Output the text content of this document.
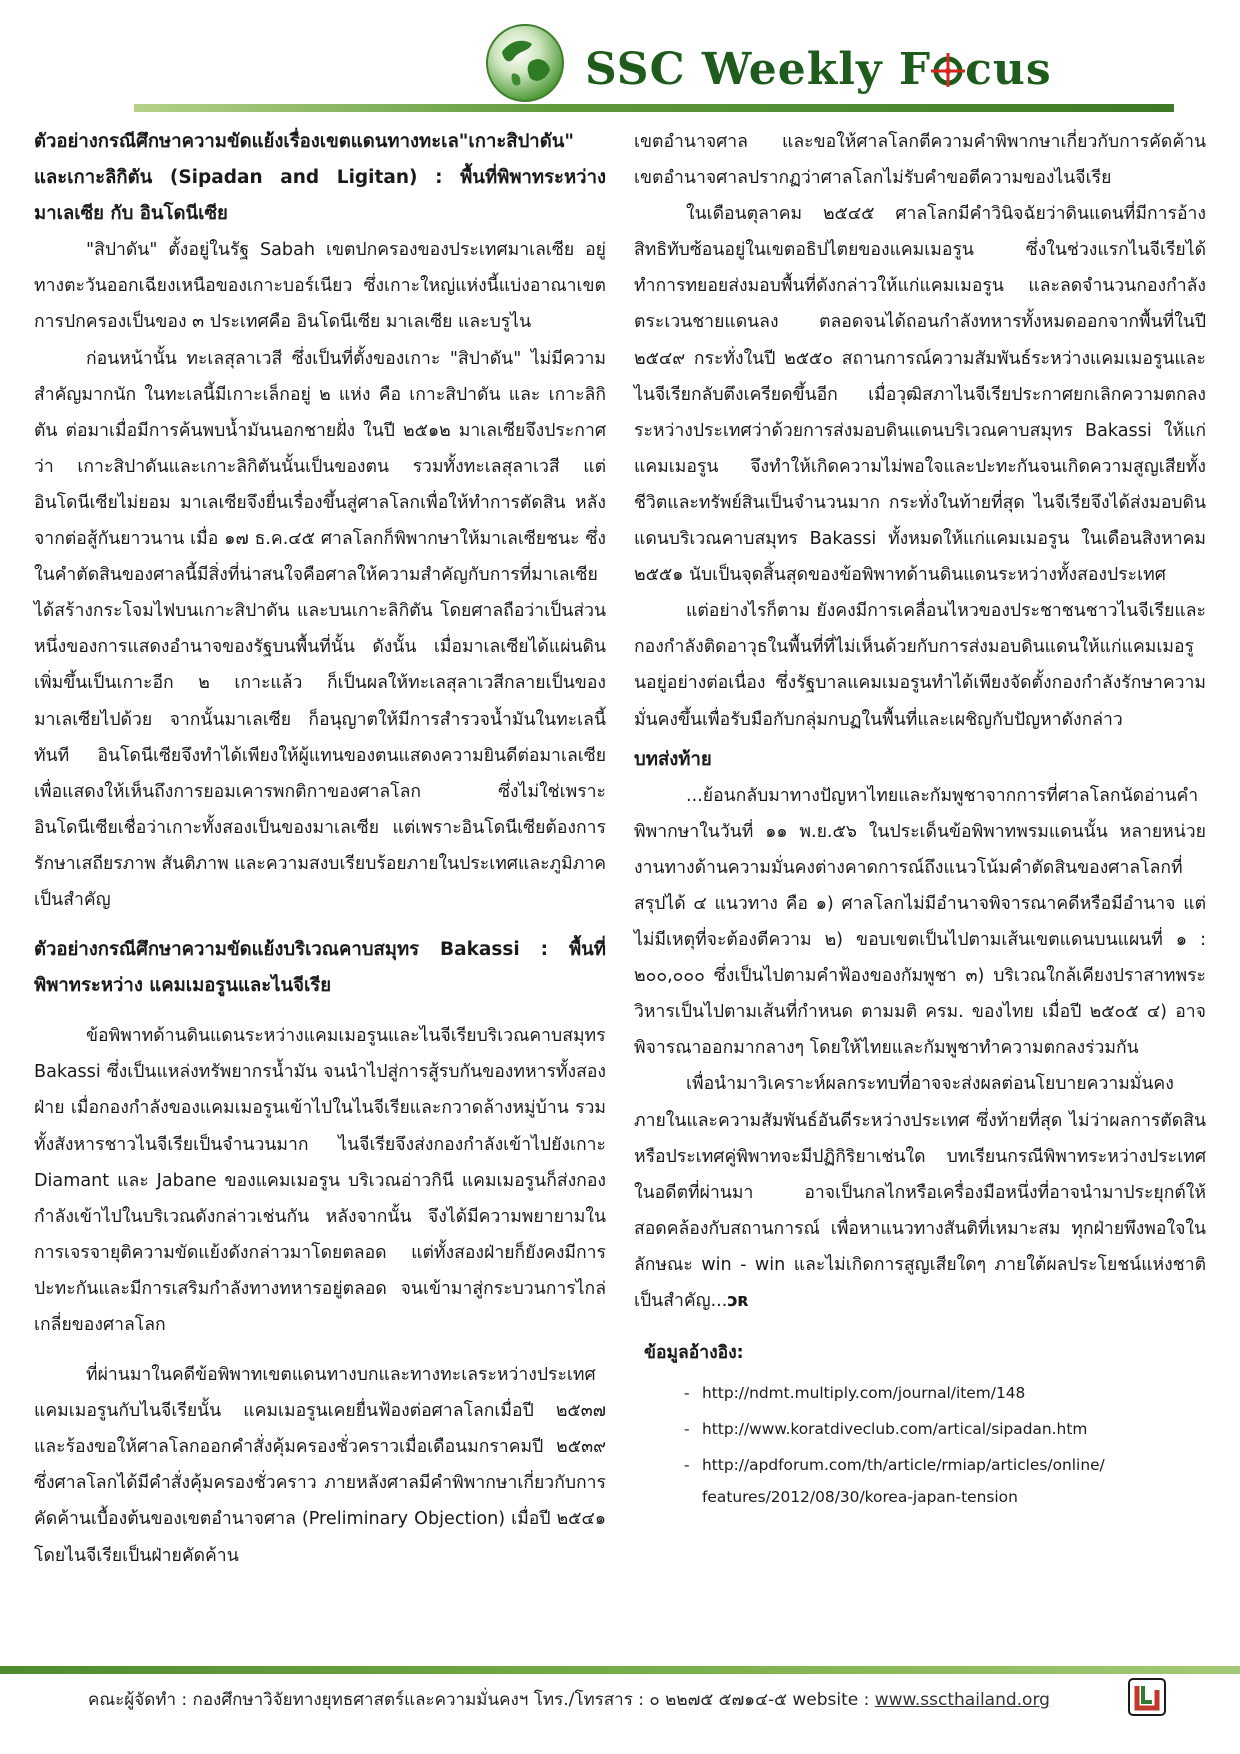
SSC Weekly F cus
ตัวอย่างกรณีศึกษาความขัดแย้งเรื่องเขตแดนทางทะเล"เกาะสิปาดัน" และเกาะลิกิตัน (Sipadan and Ligitan) : พื้นที่พิพาทระหว่าง มาเลเซีย กับ อินโดนีเซีย

"สิปาดัน" ตั้งอยู่ในรัฐ Sabah เขตปกครองของประเทศมาเลเซีย อยู่ทางตะวันออกเฉียงเหนือของเกาะบอร์เนียว ซึ่งเกาะใหญ่แห่งนี้แบ่งอาณาเขตการปกครองเป็นของ ๓ ประเทศคือ อินโดนีเซีย มาเลเซีย และบรูไน

ก่อนหน้านั้น ทะเลสุลาเวสี ซึ่งเป็นที่ตั้งของเกาะ "สิปาดัน" ไม่มีความสำคัญมากนัก ในทะเลนี้มีเกาะเล็กอยู่ ๒ แห่ง คือ เกาะสิปาดัน และ เกาะลิกิตัน ต่อมาเมื่อมีการค้นพบน้ำมันนอกชายฝั่ง ในปี ๒๕๑๒ มาเลเซียจึงประกาศว่า เกาะสิปาดันและเกาะลิกิตันนั้นเป็นของตน รวมทั้งทะเลสุลาเวสี แต่อินโดนีเซียไม่ยอม มาเลเซียจึงยื่นเรื่องขึ้นสู่ศาลโลกเพื่อให้ทำการตัดสิน หลังจากต่อสู้กันยาวนาน เมื่อ ๑๗ ธ.ค.๔๕ ศาลโลกก็พิพากษาให้มาเลเซียชนะ ซึ่งในคำตัดสินของศาลนี้มีสิ่งที่น่าสนใจคือศาลให้ความสำคัญกับการที่มาเลเซียได้สร้างกระโจมไฟบนเกาะสิปาดัน และบนเกาะลิกิตัน โดยศาลถือว่าเป็นส่วนหนึ่งของการแสดงอำนาจของรัฐบนพื้นที่นั้น ดังนั้น เมื่อมาเลเซียได้แผ่นดินเพิ่มขึ้นเป็นเกาะอีก ๒ เกาะแล้ว ก็เป็นผลให้ทะเลสุลาเวสีกลายเป็นของมาเลเซียไปด้วย จากนั้นมาเลเซีย ก็อนุญาตให้มีการสำรวจน้ำมันในทะเลนี้ทันที อินโดนีเซียจึงทำได้เพียงให้ผู้แทนของตนแสดงความยินดีต่อมาเลเซีย เพื่อแสดงให้เห็นถึงการยอมเคารพกติกาของศาลโลก ซึ่งไม่ใช่เพราะอินโดนีเซียเชื่อว่าเกาะทั้งสองเป็นของมาเลเซีย แต่เพราะอินโดนีเซียต้องการรักษาเสถียรภาพ สันติภาพ และความสงบเรียบร้อยภายในประเทศและภูมิภาคเป็นสำคัญ

ตัวอย่างกรณีศึกษาความขัดแย้งบริเวณคาบสมุทร Bakassi : พื้นที่พิพาทระหว่าง แคมเมอรูนและไนจีเรีย

ข้อพิพาทด้านดินแดนระหว่างแคมเมอรูนและไนจีเรียบริเวณคาบสมุทร Bakassi ซึ่งเป็นแหล่งทรัพยากรน้ำมัน จนนำไปสู่การสู้รบกันของทหารทั้งสองฝ่าย เมื่อกองกำลังของแคมเมอรูนเข้าไปในไนจีเรียและกวาดล้างหมู่บ้าน รวมทั้งสังหารชาวไนจีเรียเป็นจำนวนมาก ไนจีเรียจึงส่งกองกำลังเข้าไปยังเกาะ Diamant และ Jabane ของแคมเมอรูน บริเวณอ่าวกินี แคมเมอรูนก็ส่งกองกำลังเข้าไปในบริเวณดังกล่าวเช่นกัน หลังจากนั้น จึงได้มีความพยายามในการเจรจายุติความขัดแย้งดังกล่าวมาโดยตลอด แต่ทั้งสองฝ่ายก็ยังคงมีการปะทะกันและมีการเสริมกำลังทางทหารอยู่ตลอด จนเข้ามาสู่กระบวนการไกล่เกลี่ยของศาลโลก

ที่ผ่านมาในคดีข้อพิพาทเขตแดนทางบกและทางทะเลระหว่างประเทศแคมเมอรูนกับไนจีเรียนั้น แคมเมอรูนเคยยื่นฟ้องต่อศาลโลกเมื่อปี ๒๕๓๗ และร้องขอให้ศาลโลกออกคำสั่งคุ้มครองชั่วคราวเมื่อเดือนมกราคมปี ๒๕๓๙ ซึ่งศาลโลกได้มีคำสั่งคุ้มครองชั่วคราว ภายหลังศาลมีคำพิพากษาเกี่ยวกับการคัดค้านเบื้องต้นของเขตอำนาจศาล (Preliminary Objection) เมื่อปี ๒๕๔๑ โดยไนจีเรียเป็นฝ่ายคัดค้าน

เขตอำนาจศาล และขอให้ศาลโลกตีความคำพิพากษาเกี่ยวกับการคัดค้านเขตอำนาจศาลปรากฏว่าศาลโลกไม่รับคำขอตีความของไนจีเรีย

ในเดือนตุลาคม ๒๕๔๕ ศาลโลกมีคำวินิจฉัยว่าดินแดนที่มีการอ้างสิทธิทับซ้อนอยู่ในเขตอธิปไตยของแคมเมอรูน ซึ่งในช่วงแรกไนจีเรียได้ทำการทยอยส่งมอบพื้นที่ดังกล่าวให้แก่แคมเมอรูน และลดจำนวนกองกำลังตระเวนชายแดนลง ตลอดจนได้ถอนกำลังทหารทั้งหมดออกจากพื้นที่ในปี ๒๕๔๙ กระทั่งในปี ๒๕๕๐ สถานการณ์ความสัมพันธ์ระหว่างแคมเมอรูนและไนจีเรียกลับตึงเครียดขึ้นอีก เมื่อวุฒิสภาไนจีเรียประกาศยกเลิกความตกลงระหว่างประเทศว่าด้วยการส่งมอบดินแดนบริเวณคาบสมุทร Bakassi ให้แก่แคมเมอรูน จึงทำให้เกิดความไม่พอใจและปะทะกันจนเกิดความสูญเสียทั้งชีวิตและทรัพย์สินเป็นจำนวนมาก กระทั่งในท้ายที่สุด ไนจีเรียจึงได้ส่งมอบดินแดนบริเวณคาบสมุทร Bakassi ทั้งหมดให้แก่แคมเมอรูน ในเดือนสิงหาคม ๒๕๕๑ นับเป็นจุดสิ้นสุดของข้อพิพาทด้านดินแดนระหว่างทั้งสองประเทศ

แต่อย่างไรก็ตาม ยังคงมีการเคลื่อนไหวของประชาชนชาวไนจีเรียและกองกำลังติดอาวุธในพื้นที่ที่ไม่เห็นด้วยกับการส่งมอบดินแดนให้แก่แคมเมอรูนอยู่อย่างต่อเนื่อง ซึ่งรัฐบาลแคมเมอรูนทำได้เพียงจัดตั้งกองกำลังรักษาความมั่นคงขึ้นเพื่อรับมือกับกลุ่มกบฏในพื้นที่และเผชิญกับปัญหาดังกล่าว

บทส่งท้าย

...ย้อนกลับมาทางปัญหาไทยและกัมพูชาจากการที่ศาลโลกนัดอ่านคำพิพากษาในวันที่ ๑๑ พ.ย.๕๖ ในประเด็นข้อพิพาทพรมแดนนั้น หลายหน่วยงานทางด้านความมั่นคงต่างคาดการณ์ถึงแนวโน้มคำตัดสินของศาลโลกที่สรุปได้ ๔ แนวทาง คือ ๑) ศาลโลกไม่มีอำนาจพิจารณาคดีหรือมีอำนาจ แต่ไม่มีเหตุที่จะต้องตีความ ๒) ขอบเขตเป็นไปตามเส้นเขตแดนบนแผนที่ ๑ : ๒๐๐,๐๐๐ ซึ่งเป็นไปตามคำฟ้องของกัมพูชา ๓) บริเวณใกล้เคียงปราสาทพระวิหารเป็นไปตามเส้นที่กำหนด ตามมติ ครม. ของไทย เมื่อปี ๒๕๐๕ ๔) อาจพิจารณาออกมากลางๆ โดยให้ไทยและกัมพูชาทำความตกลงร่วมกัน

เพื่อนำมาวิเคราะห์ผลกระทบที่อาจจะส่งผลต่อนโยบายความมั่นคงภายในและความสัมพันธ์อันดีระหว่างประเทศ ซึ่งท้ายที่สุด ไม่ว่าผลการตัดสินหรือประเทศคู่พิพาทจะมีปฏิกิริยาเช่นใด บทเรียนกรณีพิพาทระหว่างประเทศในอดีตที่ผ่านมา อาจเป็นกลไกหรือเครื่องมือหนึ่งที่อาจนำมาประยุกต์ให้สอดคล้องกับสถานการณ์ เพื่อหาแนวทางสันติที่เหมาะสม ทุกฝ่ายพึงพอใจในลักษณะ win - win และไม่เกิดการสูญเสียใดๆ ภายใต้ผลประโยชน์แห่งชาติเป็นสำคัญ...ↄʀ

ข้อมูลอ้างอิง:
- http://ndmt.multiply.com/journal/item/148
- http://www.koratdiveclub.com/artical/sipadan.htm
- http://apdforum.com/th/article/rmiap/articles/online/ features/2012/08/30/korea-japan-tension
คณะผู้จัดทำ : กองศึกษาวิจัยทางยุทธศาสตร์และความมั่นคงฯ โทร./โทรสาร : ๐ ๒๒๗๕ ๕๗๑๔-๕ website : www.sscthailand.org
